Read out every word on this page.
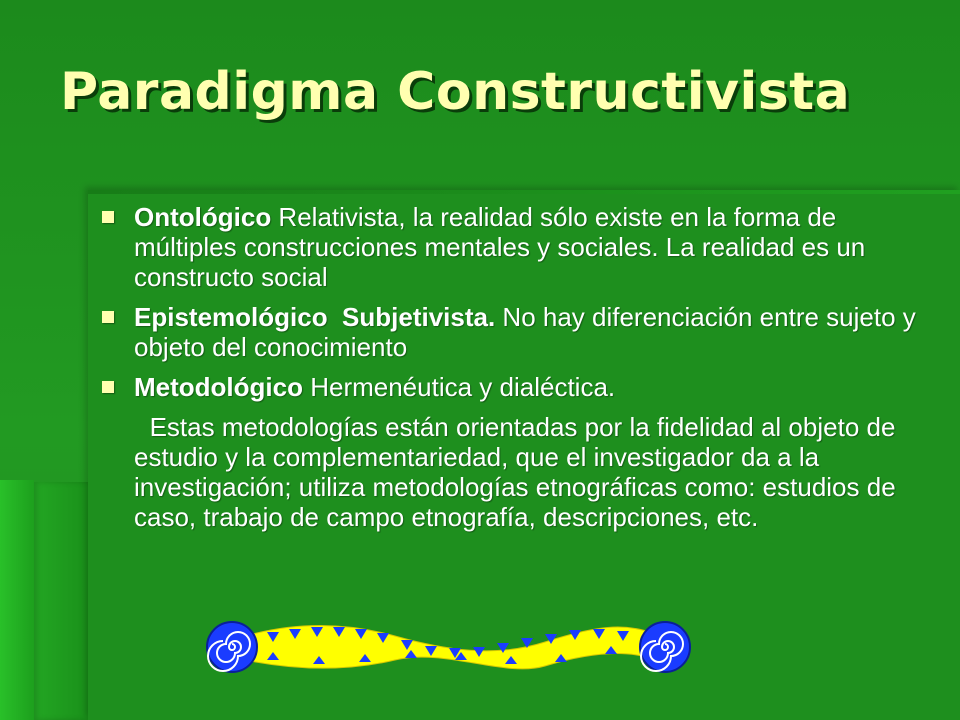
Paradigma Constructivista
Ontológico Relativista, la realidad sólo existe en la forma de múltiples construcciones mentales y sociales. La realidad es un constructo social
Epistemológico  Subjetivista. No hay diferenciación entre sujeto y objeto del conocimiento
Metodológico Hermenéutica y dialéctica.
Estas metodologías están orientadas por la fidelidad al objeto de estudio y la complementariedad, que el investigador da a la investigación; utiliza metodologías etnográficas como: estudios de caso, trabajo de campo etnografía, descripciones, etc.
